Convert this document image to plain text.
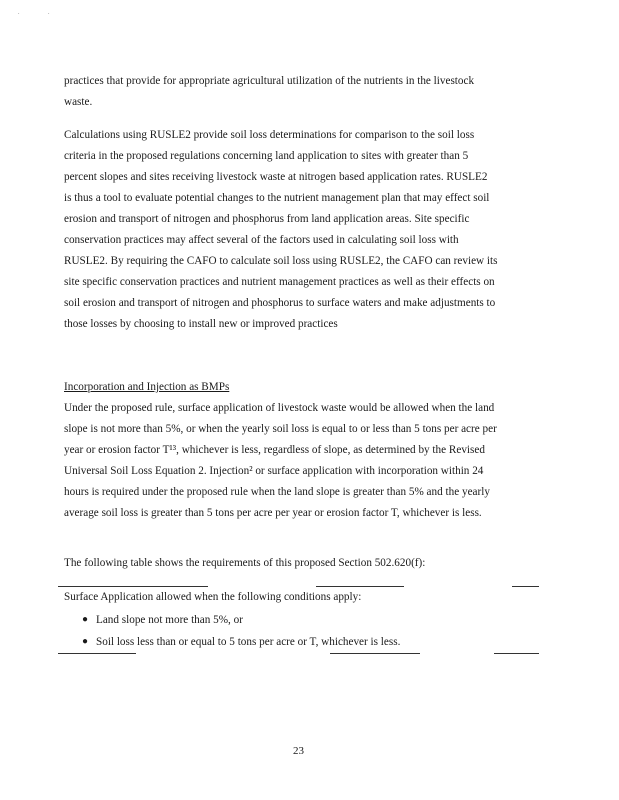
.	.
practices that provide for appropriate agricultural utilization of the nutrients in the livestock
waste.
Calculations using RUSLE2 provide soil loss determinations for comparison to the soil loss
criteria in the proposed regulations concerning land application to sites with greater than 5
percent slopes and sites receiving livestock waste at nitrogen based application rates. RUSLE2
is thus a tool to evaluate potential changes to the nutrient management plan that may effect soil
erosion and transport of nitrogen and phosphorus from land application areas. Site specific
conservation practices may affect several of the factors used in calculating soil loss with
RUSLE2. By requiring the CAFO to calculate soil loss using RUSLE2, the CAFO can review its
site specific conservation practices and nutrient management practices as well as their effects on
soil erosion and transport of nitrogen and phosphorus to surface waters and make adjustments to
those losses by choosing to install new or improved practices
Incorporation and Injection as BMPs
Under the proposed rule, surface application of livestock waste would be allowed when the land
slope is not more than 5%, or when the yearly soil loss is equal to or less than 5 tons per acre per
year or erosion factor T¹³, whichever is less, regardless of slope, as determined by the Revised
Universal Soil Loss Equation 2. Injection² or surface application with incorporation within 24
hours is required under the proposed rule when the land slope is greater than 5% and the yearly
average soil loss is greater than 5 tons per acre per year or erosion factor T, whichever is less.
The following table shows the requirements of this proposed Section 502.620(f):
Surface Application allowed when the following conditions apply:
● Land slope not more than 5%, or
● Soil loss less than or equal to 5 tons per acre or T, whichever is less.
23
